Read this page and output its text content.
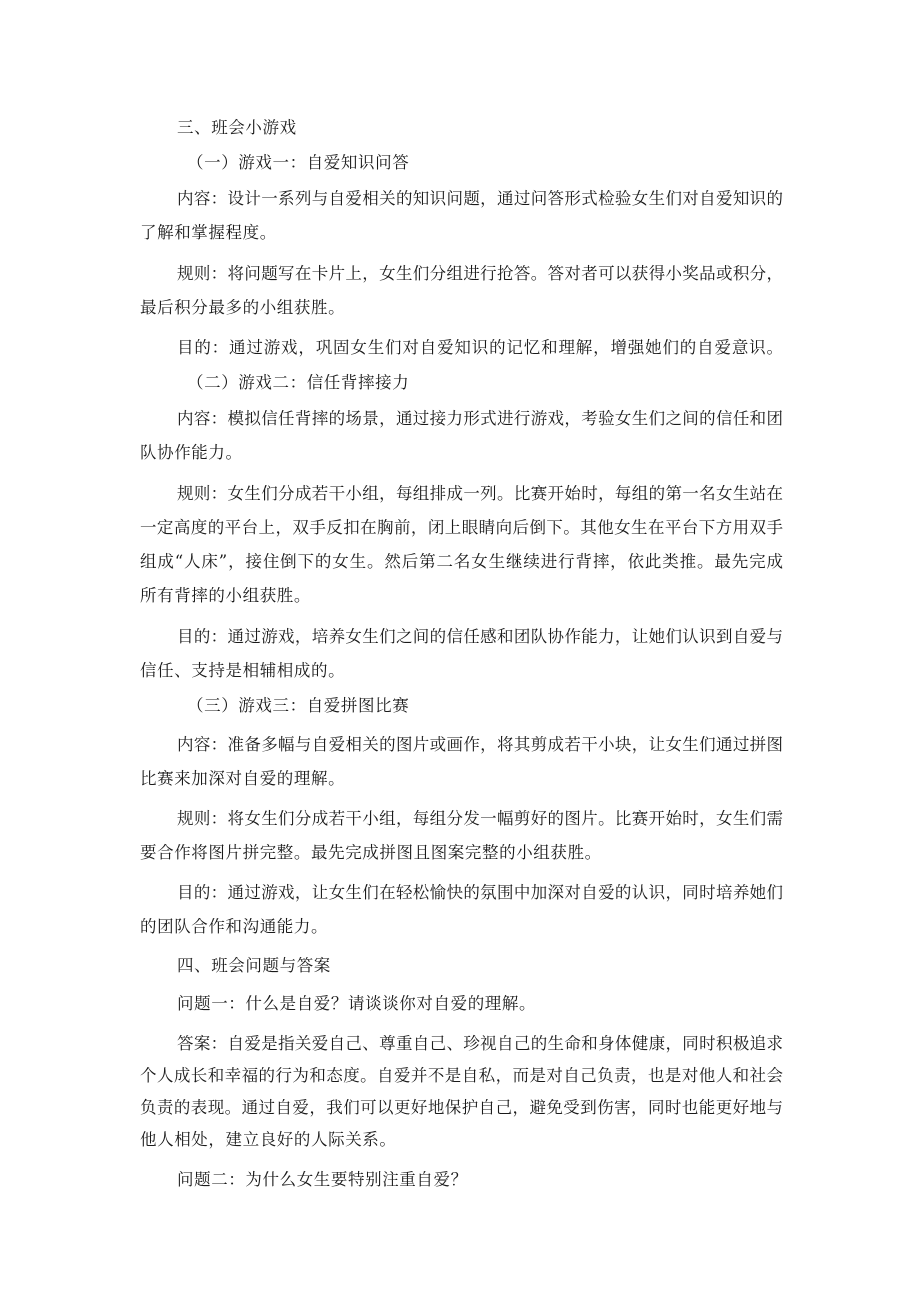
三、班会小游戏
（一）游戏一：自爱知识问答
内容：设计一系列与自爱相关的知识问题，通过问答形式检验女生们对自爱知识的
了解和掌握程度。
规则：将问题写在卡片上，女生们分组进行抢答。答对者可以获得小奖品或积分，
最后积分最多的小组获胜。
目的：通过游戏，巩固女生们对自爱知识的记忆和理解，增强她们的自爱意识。
（二）游戏二：信任背摔接力
内容：模拟信任背摔的场景，通过接力形式进行游戏，考验女生们之间的信任和团
队协作能力。
规则：女生们分成若干小组，每组排成一列。比赛开始时，每组的第一名女生站在
一定高度的平台上，双手反扣在胸前，闭上眼睛向后倒下。其他女生在平台下方用双手
组成“人床”，接住倒下的女生。然后第二名女生继续进行背摔，依此类推。最先完成
所有背摔的小组获胜。
目的：通过游戏，培养女生们之间的信任感和团队协作能力，让她们认识到自爱与
信任、支持是相辅相成的。
（三）游戏三：自爱拼图比赛
内容：准备多幅与自爱相关的图片或画作，将其剪成若干小块，让女生们通过拼图
比赛来加深对自爱的理解。
规则：将女生们分成若干小组，每组分发一幅剪好的图片。比赛开始时，女生们需
要合作将图片拼完整。最先完成拼图且图案完整的小组获胜。
目的：通过游戏，让女生们在轻松愉快的氛围中加深对自爱的认识，同时培养她们
的团队合作和沟通能力。
四、班会问题与答案
问题一：什么是自爱？请谈谈你对自爱的理解。
答案：自爱是指关爱自己、尊重自己、珍视自己的生命和身体健康，同时积极追求
个人成长和幸福的行为和态度。自爱并不是自私，而是对自己负责，也是对他人和社会
负责的表现。通过自爱，我们可以更好地保护自己，避免受到伤害，同时也能更好地与
他人相处，建立良好的人际关系。
问题二：为什么女生要特别注重自爱？
